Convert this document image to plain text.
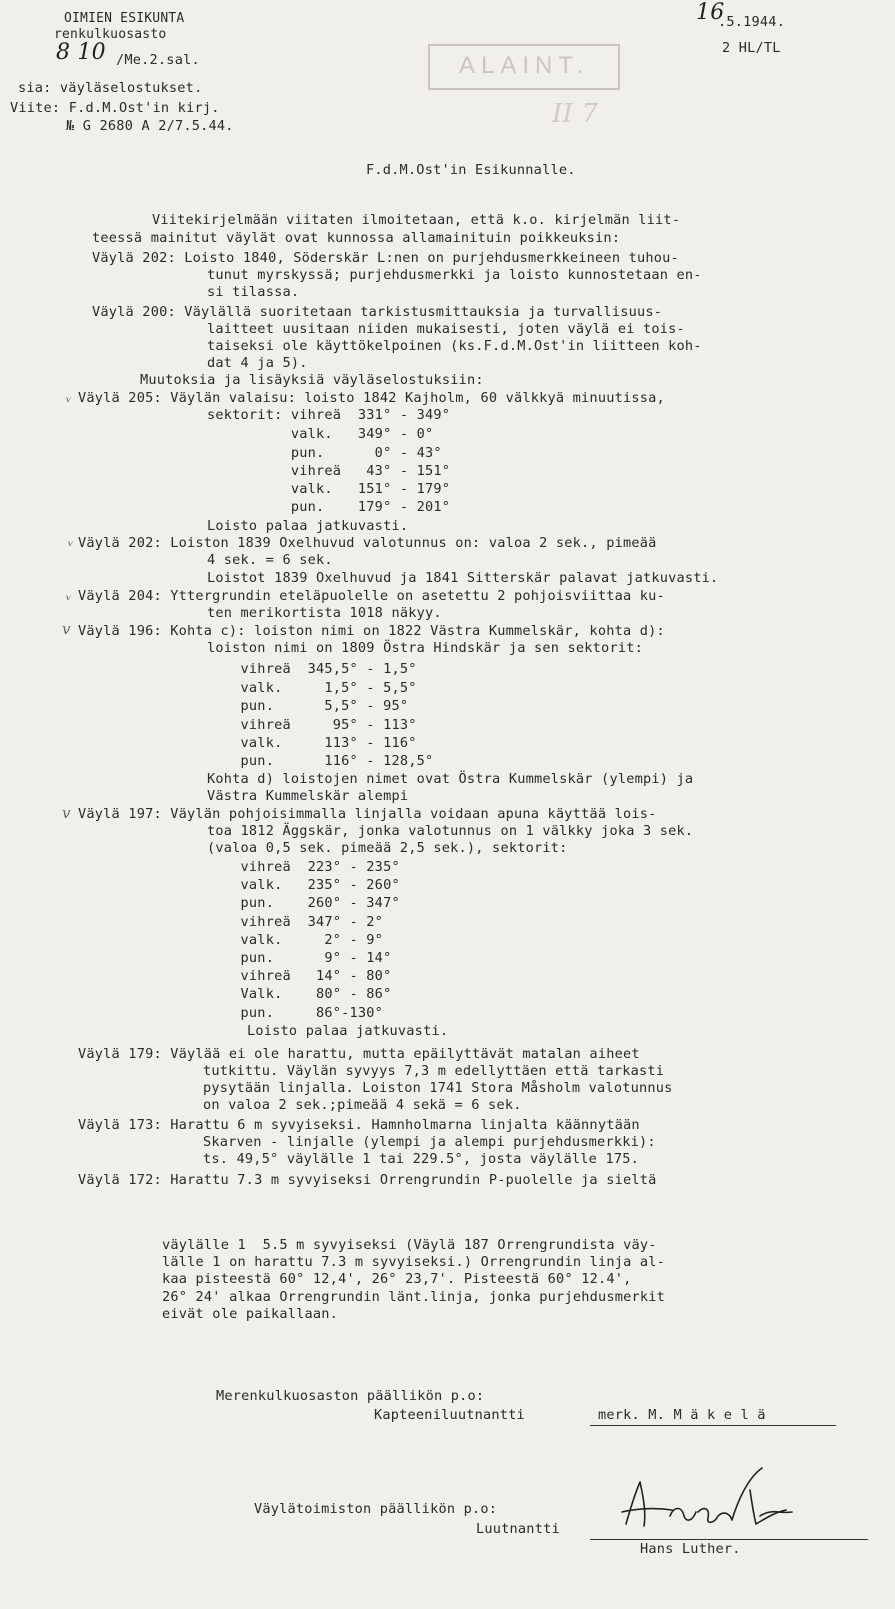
OIMIEN ESIKUNTA
renkulkuosasto
8 10 /Me.2.sal.
16
.5.1944.
2 HL/TL
ALAINT.
II 7
sia: väyläselostukset.
Viite: F.d.M.Ost'in kirj.
№ G 2680 A 2/7.5.44.
F.d.M.Ost'in Esikunnalle.
ᵥ
ᵥ
ᵥ
v
v
Viitekirjelmään viitaten ilmoitetaan, että k.o. kirjelmän liit-
teessä mainitut väylät ovat kunnossa allamainituin poikkeuksin:
Väylä 202: Loisto 1840, Söderskär L:nen on purjehdusmerkkeineen tuhou-
tunut myrskyssä; purjehdusmerkki ja loisto kunnostetaan en-
si tilassa.
Väylä 200: Väylällä suoritetaan tarkistusmittauksia ja turvallisuus-
laitteet uusitaan niiden mukaisesti, joten väylä ei tois-
taiseksi ole käyttökelpoinen (ks.F.d.M.Ost'in liitteen koh-
dat 4 ja 5).
Muutoksia ja lisäyksiä väyläselostuksiin:
Väylä 205: Väylän valaisu: loisto 1842 Kajholm, 60 välkkyä minuutissa,
sektorit: vihreä  331° - 349°
valk.   349° - 0°
pun.      0° - 43°
vihreä   43° - 151°
valk.   151° - 179°
pun.    179° - 201°
Loisto palaa jatkuvasti.
Väylä 202: Loiston 1839 Oxelhuvud valotunnus on: valoa 2 sek., pimeää
4 sek. = 6 sek.
Loistot 1839 Oxelhuvud ja 1841 Sitterskär palavat jatkuvasti.
Väylä 204: Yttergrundin eteläpuolelle on asetettu 2 pohjoisviittaa ku-
ten merikortista 1018 näkyy.
Väylä 196: Kohta c): loiston nimi on 1822 Västra Kummelskär, kohta d):
loiston nimi on 1809 Östra Hindskär ja sen sektorit:
vihreä  345,5° - 1,5°
valk.     1,5° - 5,5°
pun.      5,5° - 95°
vihreä     95° - 113°
valk.     113° - 116°
pun.      116° - 128,5°
Kohta d) loistojen nimet ovat Östra Kummelskär (ylempi) ja
Västra Kummelskär alempi
Väylä 197: Väylän pohjoisimmalla linjalla voidaan apuna käyttää lois-
toa 1812 Äggskär, jonka valotunnus on 1 välkky joka 3 sek.
(valoa 0,5 sek. pimeää 2,5 sek.), sektorit:
vihreä  223° - 235°
valk.   235° - 260°
pun.    260° - 347°
vihreä  347° - 2°
valk.     2° - 9°
pun.      9° - 14°
vihreä   14° - 80°
Valk.    80° - 86°
pun.     86°-130°
Loisto palaa jatkuvasti.
Väylä 179: Väylää ei ole harattu, mutta epäilyttävät matalan aiheet
tutkittu. Väylän syvyys 7,3 m edellyttäen että tarkasti
pysytään linjalla. Loiston 1741 Stora Måsholm valotunnus
on valoa 2 sek.;pimeää 4 sekä = 6 sek.
Väylä 173: Harattu 6 m syvyiseksi. Hamnholmarna linjalta käännytään
Skarven - linjalle (ylempi ja alempi purjehdusmerkki):
ts. 49,5° väylälle 1 tai 229.5°, josta väylälle 175.
Väylä 172: Harattu 7.3 m syvyiseksi Orrengrundin P-puolelle ja sieltä
väylälle 1  5.5 m syvyiseksi (Väylä 187 Orrengrundista väy-
lälle 1 on harattu 7.3 m syvyiseksi.) Orrengrundin linja al-
kaa pisteestä 60° 12,4', 26° 23,7'. Pisteestä 60° 12.4',
26° 24' alkaa Orrengrundin länt.linja, jonka purjehdusmerkit
eivät ole paikallaan.
Merenkulkuosaston päällikön p.o:
Kapteeniluutnantti	merk. M. M ä k e l ä
Väylätoimiston päällikön p.o:
Luutnantti
Hans Luther.
